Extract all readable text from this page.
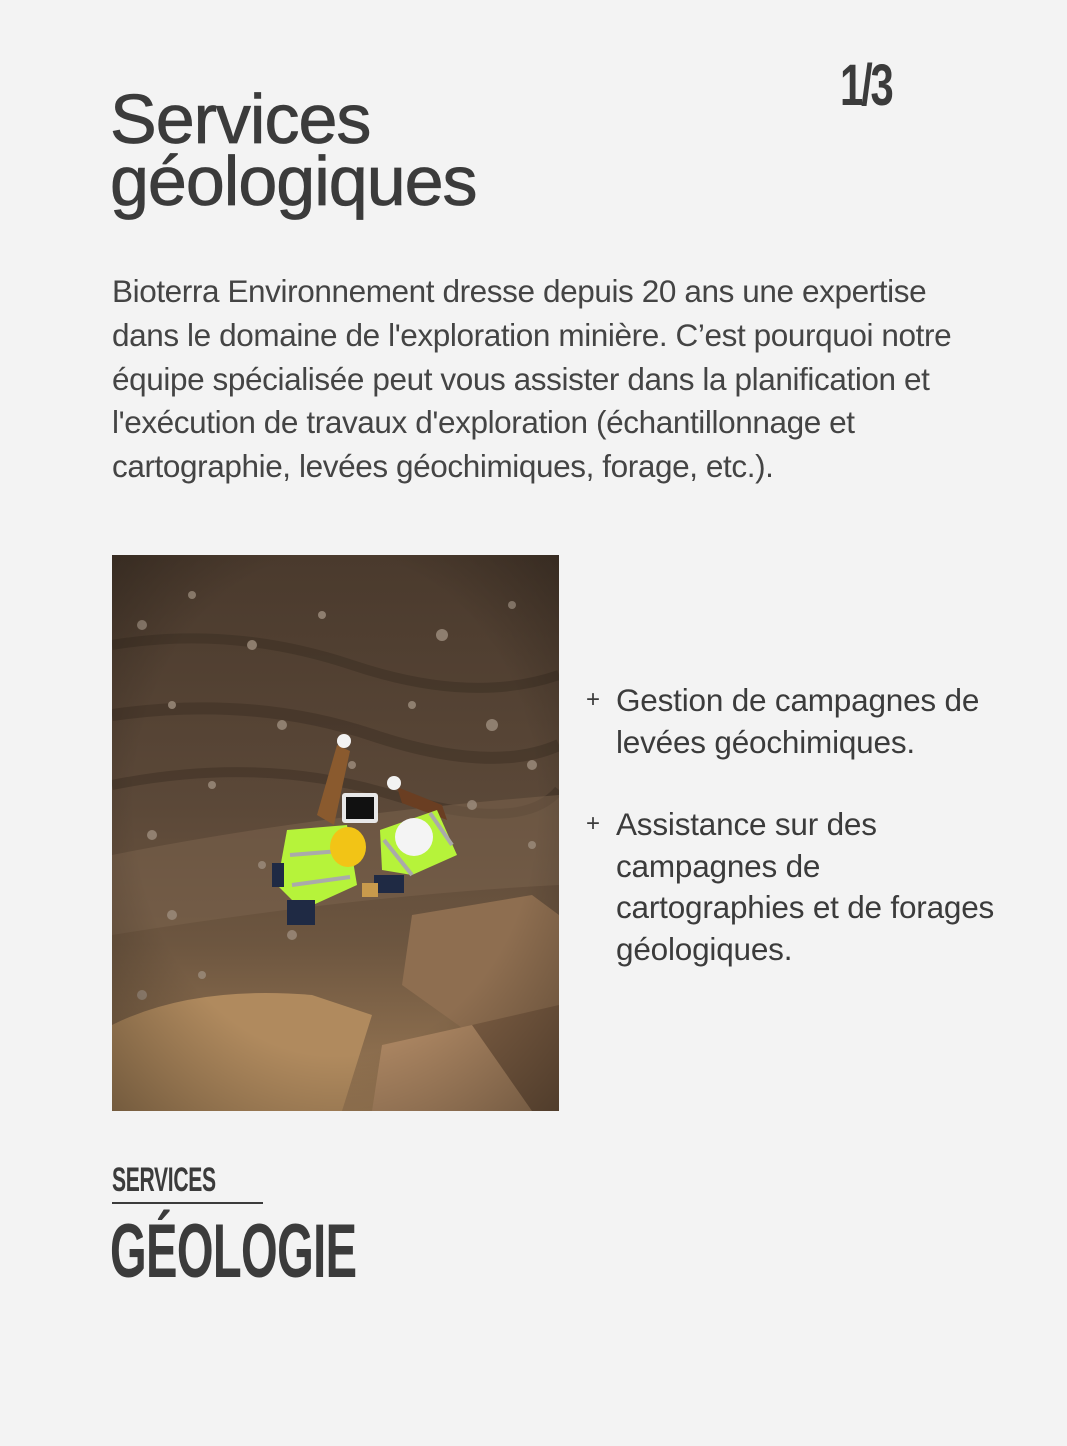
1/3
Services
géologiques

Bioterra Environnement dresse depuis 20 ans une expertise dans le domaine de l'exploration minière. C’est pourquoi notre équipe spécialisée peut vous assister dans la planification et l'exécution de travaux d'exploration (échantillonnage et cartographie, levées géochimiques, forage, etc.).

+ Gestion de campagnes de levées géochimiques.
+ Assistance sur des campagnes de cartographies et de forages géologiques.
SERVICES
GÉOLOGIE
